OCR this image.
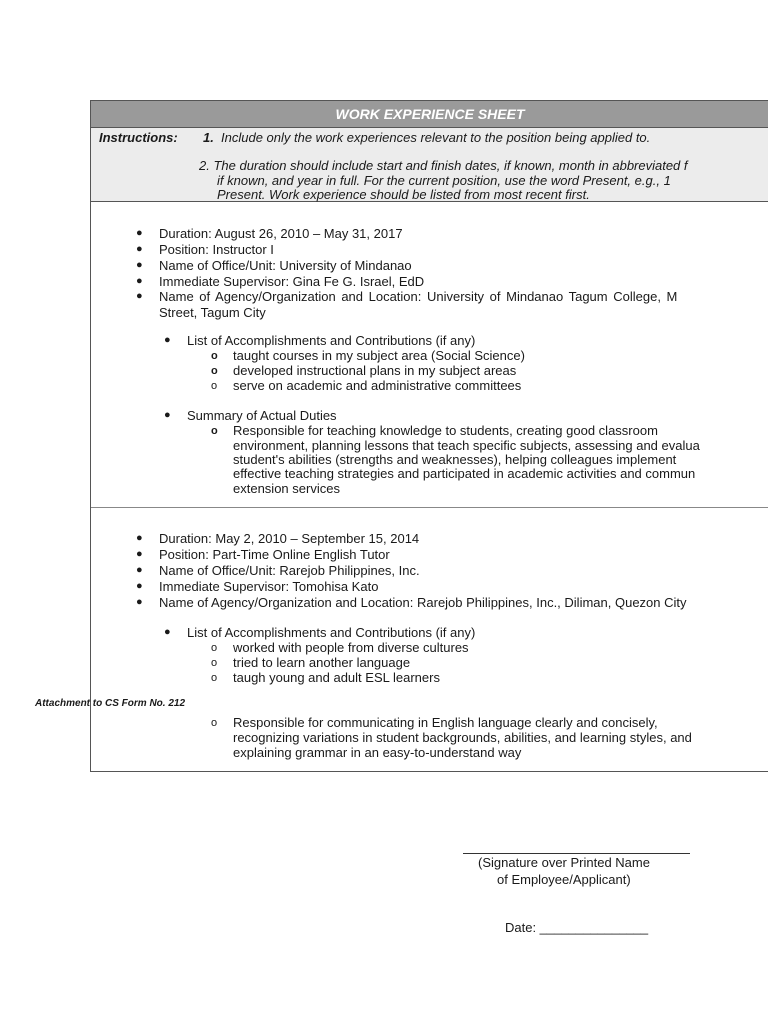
WORK EXPERIENCE SHEET
Instructions: 1. Include only the work experiences relevant to the position being applied to.
2. The duration should include start and finish dates, if known, month in abbreviated f
if known, and year in full. For the current position, use the word Present, e.g., 1
Present. Work experience should be listed from most recent first.
● Duration: August 26, 2010 – May 31, 2017
● Position: Instructor I
● Name of Office/Unit: University of Mindanao
● Immediate Supervisor: Gina Fe G. Israel, EdD
● Name of Agency/Organization and Location: University of Mindanao Tagum College, M
Street, Tagum City
● List of Accomplishments and Contributions (if any)
o taught courses in my subject area (Social Science)
o developed instructional plans in my subject areas
o serve on academic and administrative committees
● Summary of Actual Duties
o Responsible for teaching knowledge to students, creating good classroom
environment, planning lessons that teach specific subjects, assessing and evalua
student's abilities (strengths and weaknesses), helping colleagues implement
effective teaching strategies and participated in academic activities and commun
extension services
● Duration: May 2, 2010 – September 15, 2014
● Position: Part-Time Online English Tutor
● Name of Office/Unit: Rarejob Philippines, Inc.
● Immediate Supervisor: Tomohisa Kato
● Name of Agency/Organization and Location: Rarejob Philippines, Inc., Diliman, Quezon City
● List of Accomplishments and Contributions (if any)
o worked with people from diverse cultures
o tried to learn another language
o taugh young and adult ESL learners
o Responsible for communicating in English language clearly and concisely,
recognizing variations in student backgrounds, abilities, and learning styles, and
explaining grammar in an easy-to-understand way
Attachment to CS Form No. 212
(Signature over Printed Name
of Employee/Applicant)
Date: _______________
